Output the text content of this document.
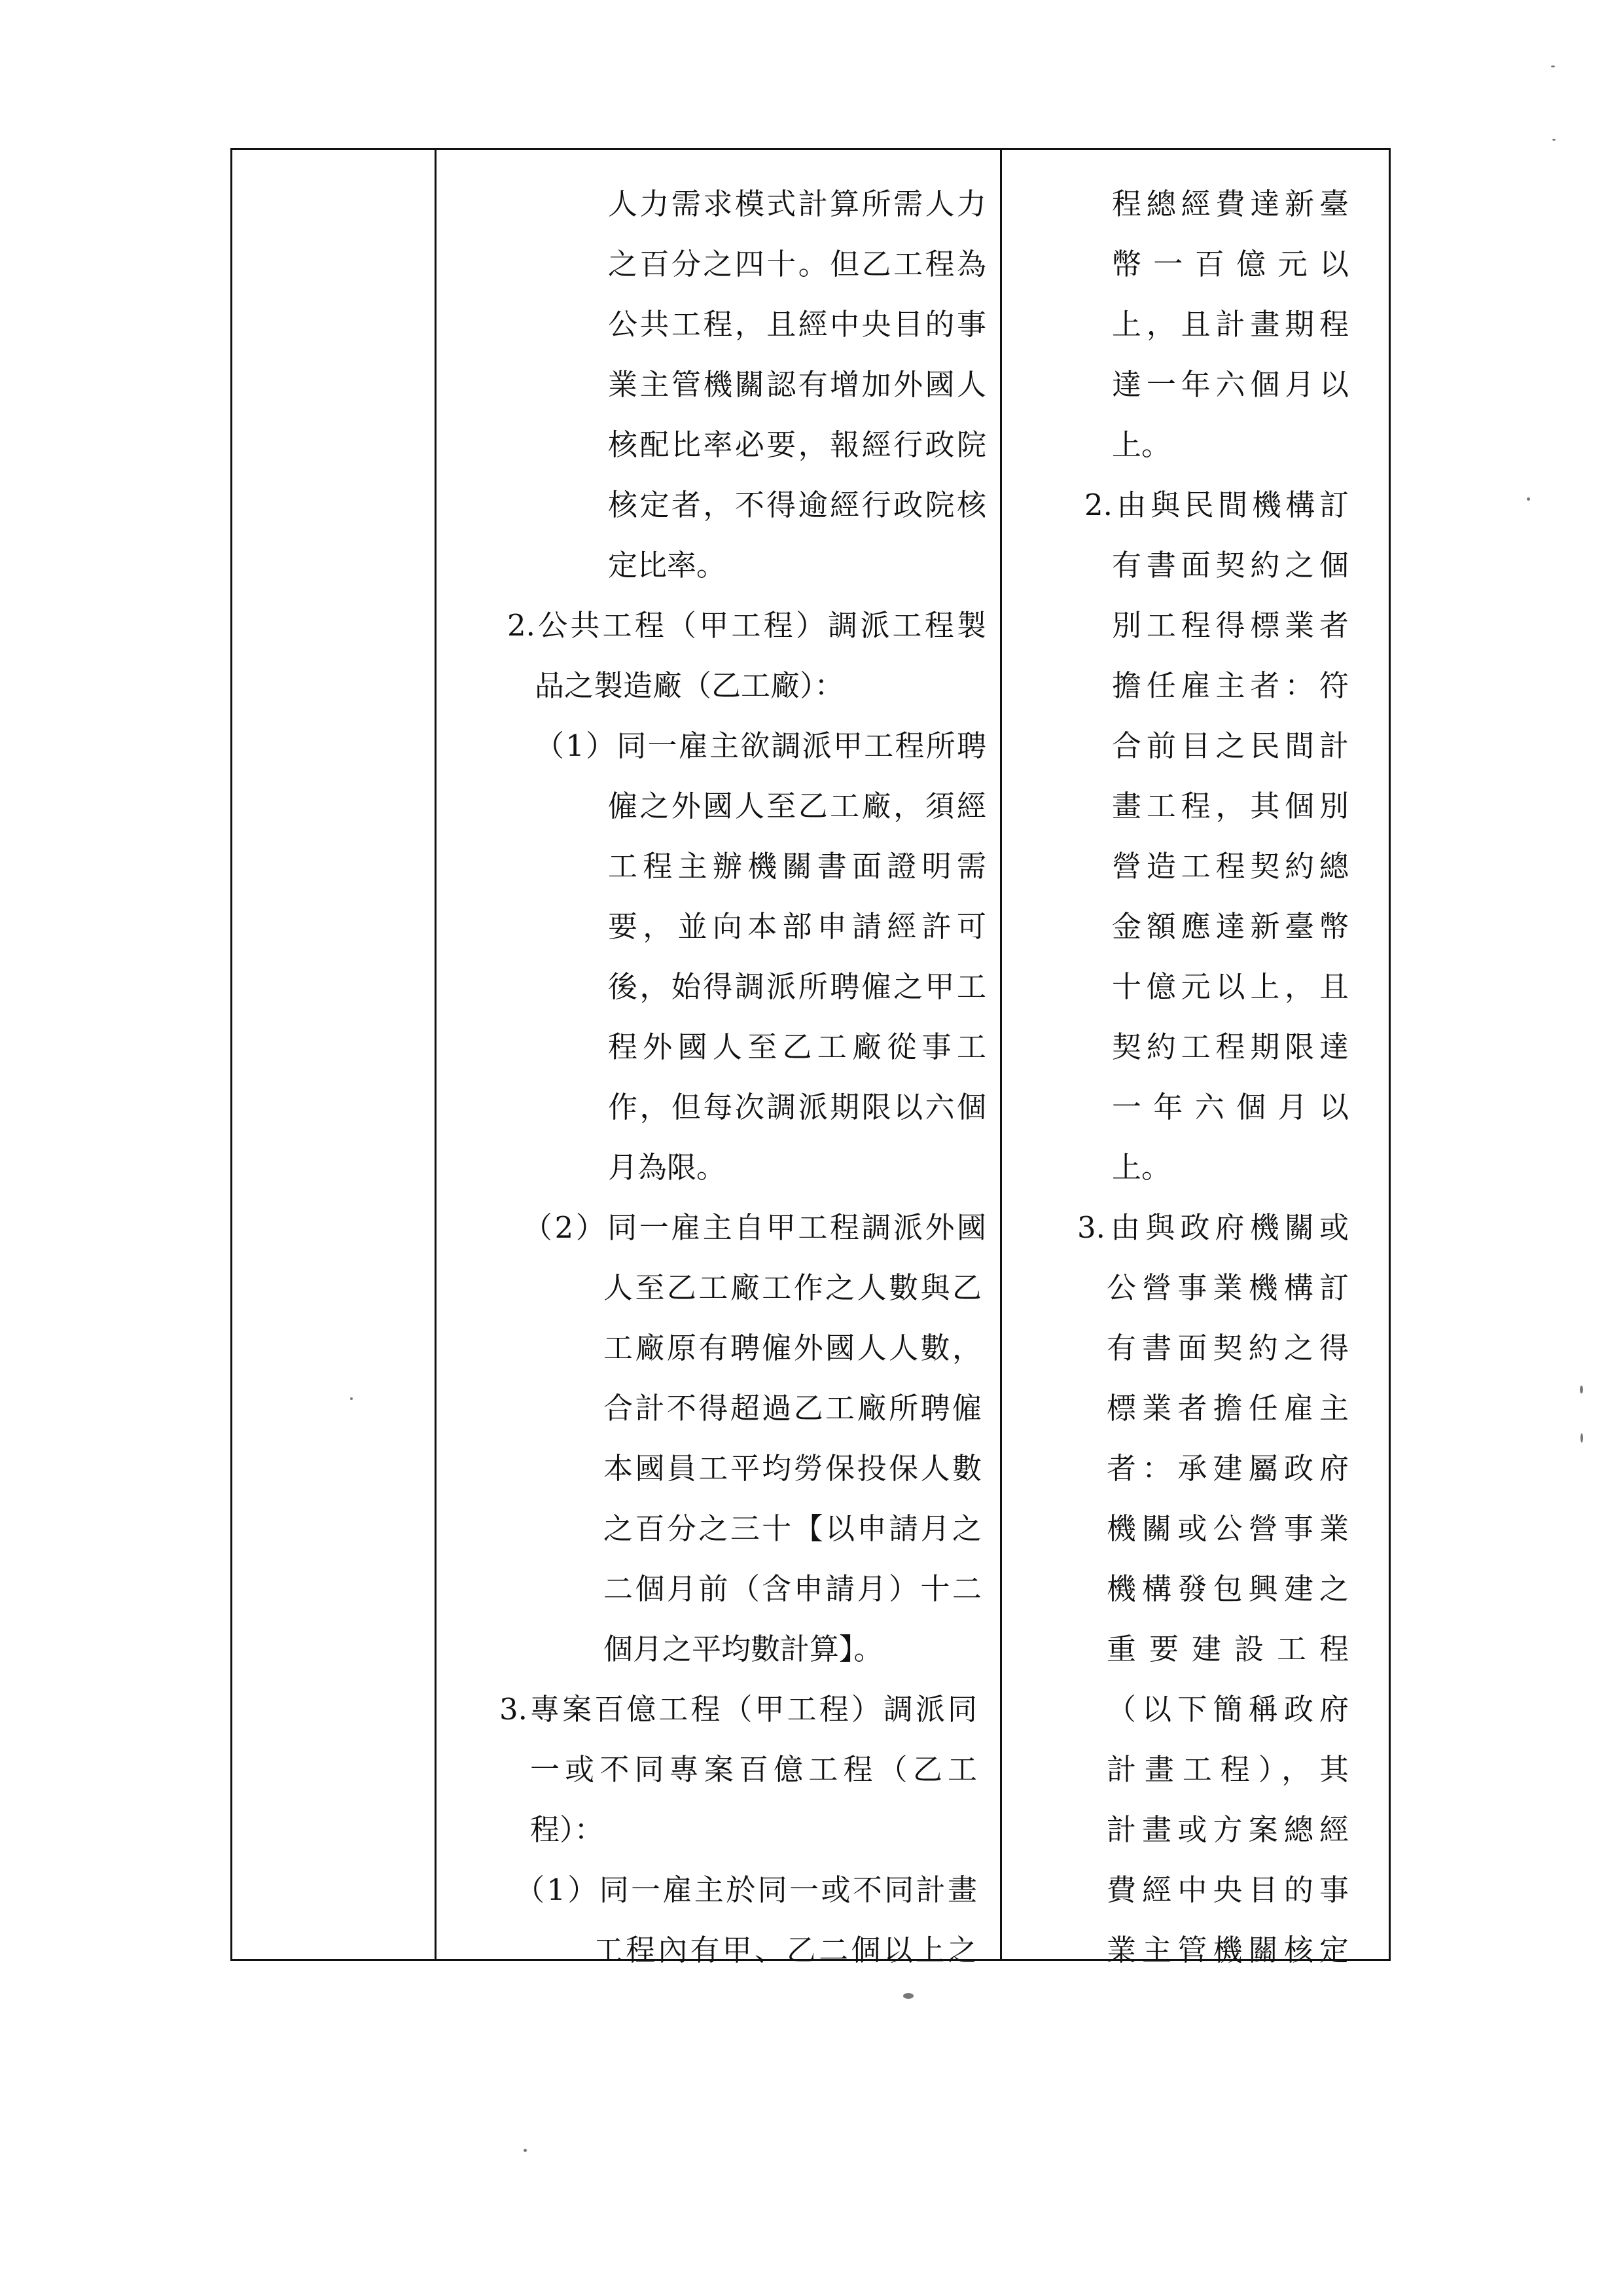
人力需求模式計算所需人力
之百分之四十。但乙工程為
公共工程，且經中央目的事
業主管機關認有增加外國人
核配比率必要，報經行政院
核定者，不得逾經行政院核
定比率。
2.公共工程（甲工程）調派工程製
品之製造廠（乙工廠）：
（1）同一雇主欲調派甲工程所聘
僱之外國人至乙工廠，須經
工程主辦機關書面證明需
要，並向本部申請經許可
後，始得調派所聘僱之甲工
程外國人至乙工廠從事工
作，但每次調派期限以六個
月為限。
（2）同一雇主自甲工程調派外國
人至乙工廠工作之人數與乙
工廠原有聘僱外國人人數，
合計不得超過乙工廠所聘僱
本國員工平均勞保投保人數
之百分之三十【以申請月之
二個月前（含申請月）十二
個月之平均數計算】。
3.專案百億工程（甲工程）調派同
一或不同專案百億工程（乙工
程）：
（1）同一雇主於同一或不同計畫
工程內有甲、乙二個以上之
程總經費達新臺
幣一百億元以
上，且計畫期程
達一年六個月以
上。
2.由與民間機構訂
有書面契約之個
別工程得標業者
擔任雇主者：符
合前目之民間計
畫工程，其個別
營造工程契約總
金額應達新臺幣
十億元以上，且
契約工程期限達
一年六個月以
上。
3.由與政府機關或
公營事業機構訂
有書面契約之得
標業者擔任雇主
者：承建屬政府
機關或公營事業
機構發包興建之
重要建設工程
（以下簡稱政府
計畫工程），其
計畫或方案總經
費經中央目的事
業主管機關核定
